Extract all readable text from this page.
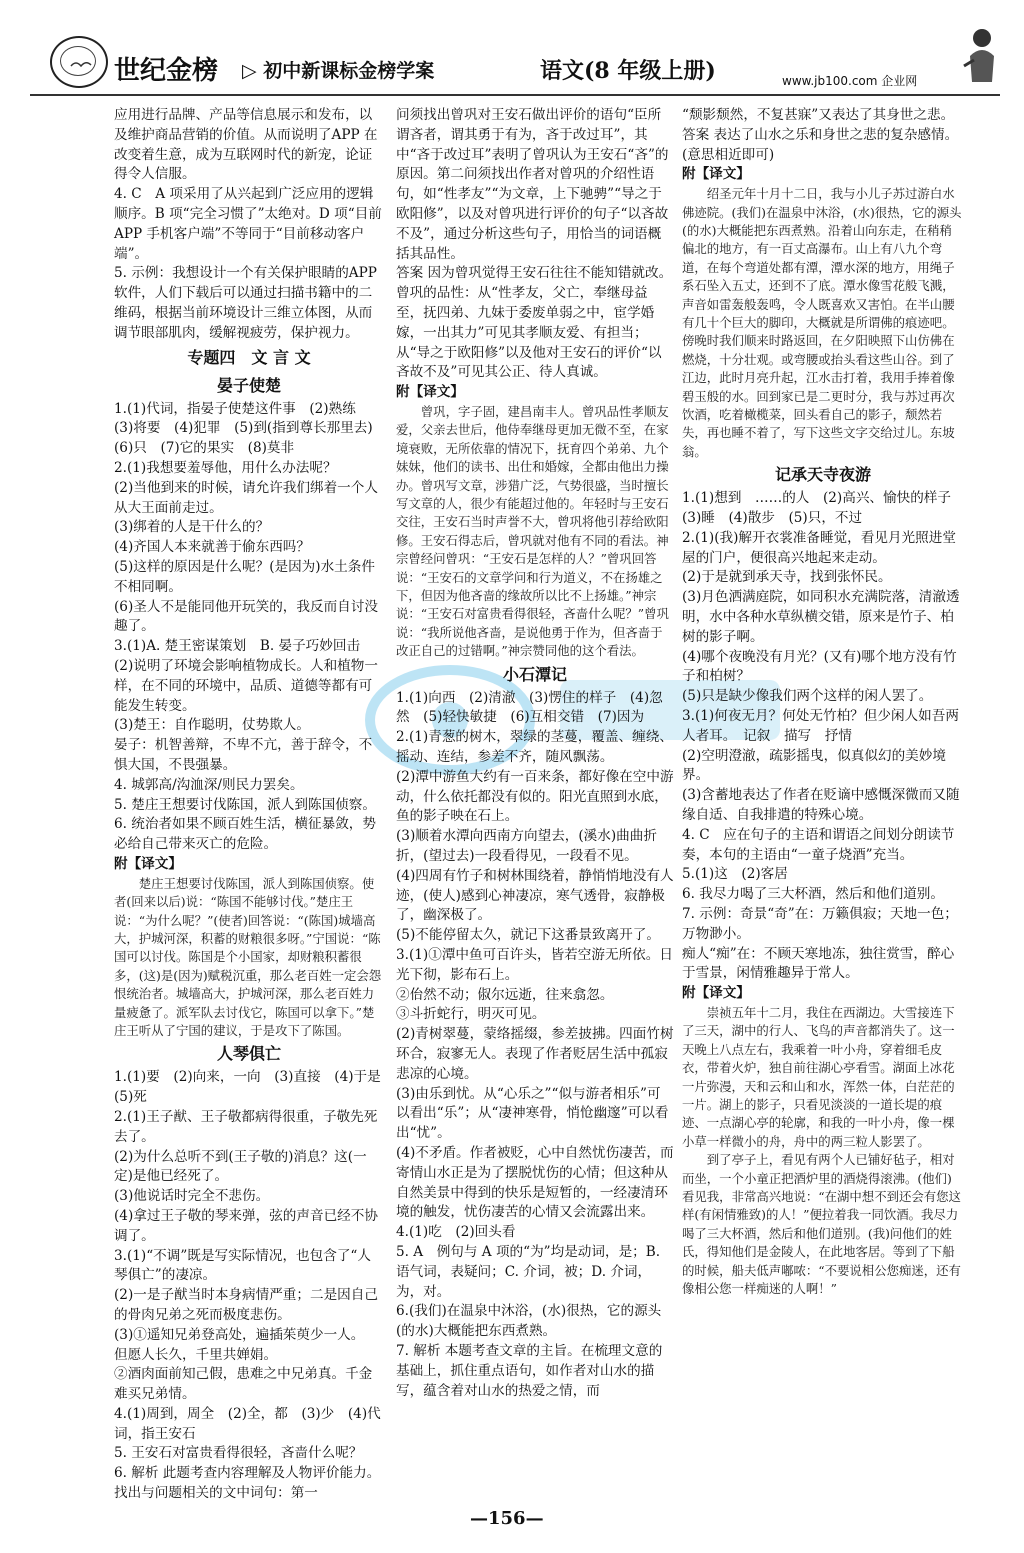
世纪金榜 ▷ 初中新课标金榜学案	语文(8 年级上册)	www.jb100.com 企业网

应用进行品牌、产品等信息展示和发布，以及维护商品营销的价值。从而说明了APP 在改变着生意，成为互联网时代的新宠，论证得令人信服。

4. C　A 项采用了从兴起到广泛应用的逻辑顺序。B 项“完全习惯了”太绝对。D 项“目前 APP 手机客户端”不等同于“目前移动客户端”。

5. 示例：我想设计一个有关保护眼睛的APP 软件，人们下载后可以通过扫描书籍中的二维码，根据当前环境设计三维立体图，从而调节眼部肌肉，缓解视疲劳，保护视力。

专题四　文 言 文

晏子使楚

1.(1)代词，指晏子使楚这件事　(2)熟练　(3)将要　(4)犯罪　(5)到(指到尊长那里去)　(6)只　(7)它的果实　(8)莫非

2.(1)我想要羞辱他，用什么办法呢？

(2)当他到来的时候，请允许我们绑着一个人从大王面前走过。

(3)绑着的人是干什么的？

(4)齐国人本来就善于偷东西吗？

(5)这样的原因是什么呢？(是因为)水土条件不相同啊。

(6)圣人不是能同他开玩笑的，我反而自讨没趣了。

3.(1)A. 楚王密谋策划　B. 晏子巧妙回击

(2)说明了环境会影响植物成长。人和植物一样，在不同的环境中，品质、道德等都有可能发生转变。

(3)楚王：自作聪明，仗势欺人。

晏子：机智善辩，不卑不亢，善于辞令，不惧大国，不畏强暴。

4. 城郭高/沟洫深/则民力罢矣。

5. 楚庄王想要讨伐陈国，派人到陈国侦察。

6. 统治者如果不顾百姓生活，横征暴敛，势必给自己带来灭亡的危险。

附【译文】

楚庄王想要讨伐陈国，派人到陈国侦察。使者(回来以后)说：“陈国不能够讨伐。”楚庄王说：“为什么呢？”(使者)回答说：“(陈国)城墙高大，护城河深，积蓄的财粮很多呀。”宁国说：“陈国可以讨伐。陈国是个小国家，却财粮积蓄很多，(这)是(因为)赋税沉重，那么老百姓一定会怨恨统治者。城墙高大，护城河深，那么老百姓力量疲惫了。派军队去讨伐它，陈国可以拿下。”楚庄王听从了宁国的建议，于是攻下了陈国。

人琴俱亡

1.(1)要　(2)向来，一向　(3)直接　(4)于是　(5)死

2.(1)王子猷、王子敬都病得很重，子敬先死去了。

(2)为什么总听不到(王子敬的)消息？这(一定)是他已经死了。

(3)他说话时完全不悲伤。

(4)拿过王子敬的琴来弹，弦的声音已经不协调了。

3.(1)“不调”既是写实际情况，也包含了“人琴俱亡”的凄凉。

(2)一是子猷当时本身病情严重；二是因自己的骨肉兄弟之死而极度悲伤。

(3)①遥知兄弟登高处，遍插茱萸少一人。　但愿人长久，千里共婵娟。

②酒肉面前知己假，患难之中兄弟真。千金难买兄弟情。

4.(1)周到，周全　(2)全，都　(3)少　(4)代词，指王安石

5. 王安石对富贵看得很轻，吝啬什么呢？

6. 解析 此题考查内容理解及人物评价能力。找出与问题相关的文中词句：第一

问须找出曾巩对王安石做出评价的语句“臣所谓吝者，谓其勇于有为，吝于改过耳”，其中“吝于改过耳”表明了曾巩认为王安石“吝”的原因。第二问须找出作者对曾巩的介绍性语句，如“性孝友”“为文章，上下驰骋”“导之于欧阳修”，以及对曾巩进行评价的句子“以吝故不及”，通过分析这些句子，用恰当的词语概括其品性。

答案 因为曾巩觉得王安石往往不能知错就改。曾巩的品性：从“性孝友，父亡，奉继母益至，抚四弟、九妹于委废单弱之中，宦学婚嫁，一出其力”可见其孝顺友爱、有担当；从“导之于欧阳修”以及他对王安石的评价“以吝故不及”可见其公正、待人真诚。

附【译文】

曾巩，字子固，建昌南丰人。曾巩品性孝顺友爱，父亲去世后，他侍奉继母更加无微不至，在家境衰败，无所依靠的情况下，抚育四个弟弟、九个妹妹，他们的读书、出仕和婚嫁，全都由他出力操办。曾巩写文章，涉猎广泛，气势很盛，当时擅长写文章的人，很少有能超过他的。年轻时与王安石交往，王安石当时声誉不大，曾巩将他引荐给欧阳修。王安石得志后，曾巩就对他有不同的看法。神宗曾经问曾巩：“王安石是怎样的人？”曾巩回答说：“王安石的文章学问和行为道义，不在扬雄之下，但因为他吝啬的缘故所以比不上扬雄。”神宗说：“王安石对富贵看得很轻，吝啬什么呢？”曾巩说：“我所说他吝啬，是说他勇于作为，但吝啬于改正自己的过错啊。”神宗赞同他的这个看法。

小石潭记

1.(1)向西　(2)清澈　(3)愣住的样子　(4)忽然　(5)轻快敏捷　(6)互相交错　(7)因为

2.(1)青葱的树木，翠绿的茎蔓，覆盖、缠绕、摇动、连结，参差不齐，随风飘荡。

(2)潭中游鱼大约有一百来条，都好像在空中游动，什么依托都没有似的。阳光直照到水底，鱼的影子映在石上。

(3)顺着水潭向西南方向望去，(溪水)曲曲折折，(望过去)一段看得见，一段看不见。

(4)四周有竹子和树林围绕着，静悄悄地没有人迹，(使人)感到心神凄凉，寒气透骨，寂静极了，幽深极了。

(5)不能停留太久，就记下这番景致离开了。

3.(1)①潭中鱼可百许头，皆若空游无所依。日光下彻，影布石上。

②佁然不动；俶尔远逝，往来翕忽。

③斗折蛇行，明灭可见。

(2)青树翠蔓，蒙络摇缀，参差披拂。四面竹树环合，寂寥无人。表现了作者贬居生活中孤寂悲凉的心境。

(3)由乐到忧。从“心乐之”“似与游者相乐”可以看出“乐”；从“凄神寒骨，悄怆幽邃”可以看出“忧”。

(4)不矛盾。作者被贬，心中自然忧伤凄苦，而寄情山水正是为了摆脱忧伤的心情；但这种从自然美景中得到的快乐是短暂的，一经凄清环境的触发，忧伤凄苦的心情又会流露出来。

4.(1)吃　(2)回头看

5. A　例句与 A 项的“为”均是动词，是；B. 语气词，表疑问；C. 介词，被；D. 介词，为，对。

6.(我们)在温泉中沐浴，(水)很热，它的源头(的水)大概能把东西煮熟。

7. 解析 本题考查文章的主旨。在梳理文意的基础上，抓住重点语句，如作者对山水的描写，蕴含着对山水的热爱之情，而

“颓影颓然，不复甚寐”又表达了其身世之悲。

答案 表达了山水之乐和身世之悲的复杂感情。(意思相近即可)

附【译文】

绍圣元年十月十二日，我与小儿子苏过游白水佛迹院。(我们)在温泉中沐浴，(水)很热，它的源头(的水)大概能把东西煮熟。沿着山向东走，在稍稍偏北的地方，有一百丈高瀑布。山上有八九个弯道，在每个弯道处都有潭，潭水深的地方，用绳子系石坠入五丈，还到不了底。潭水像雪花般飞溅，声音如雷轰般轰鸣，令人既喜欢又害怕。在半山腰有几十个巨大的脚印，大概就是所谓佛的痕迹吧。傍晚时我们顺来时路返回，在夕阳映照下山仿佛在燃烧，十分壮观。或弯腰或抬头看这些山谷。到了江边，此时月亮升起，江水击打着，我用手捧着像碧玉般的水。回到家已是二更时分，我与苏过再次饮酒，吃着橄榄菜，回头看自己的影子，颓然若失，再也睡不着了，写下这些文字交给过儿。东坡翁。

记承天寺夜游

1.(1)想到　……的人　(2)高兴、愉快的样子　(3)睡　(4)散步　(5)只，不过

2.(1)(我)解开衣裳准备睡觉，看见月光照进堂屋的门户，便很高兴地起来走动。

(2)于是就到承天寺，找到张怀民。

(3)月色洒满庭院，如同积水充满院落，清澈透明，水中各种水草纵横交错，原来是竹子、柏树的影子啊。

(4)哪个夜晚没有月光？(又有)哪个地方没有竹子和柏树？

(5)只是缺少像我们两个这样的闲人罢了。

3.(1)何夜无月？何处无竹柏？但少闲人如吾两人者耳。　记叙　描写　抒情

(2)空明澄澈，疏影摇曳，似真似幻的美妙境界。

(3)含蓄地表达了作者在贬谪中感慨深微而又随缘自适、自我排遣的特殊心境。

4. C　应在句子的主语和谓语之间划分朗读节奏，本句的主语由“一童子烧酒”充当。

5.(1)这　(2)客居

6. 我尽力喝了三大杯酒，然后和他们道别。

7. 示例：奇景“奇”在：万籁俱寂；天地一色；万物渺小。

痴人“痴”在：不顾天寒地冻，独往赏雪，醉心于雪景，闲情雅趣异于常人。

附【译文】

崇祯五年十二月，我住在西湖边。大雪接连下了三天，湖中的行人、飞鸟的声音都消失了。这一天晚上八点左右，我乘着一叶小舟，穿着细毛皮衣，带着火炉，独自前往湖心亭看雪。湖面上冰花一片弥漫，天和云和山和水，浑然一体，白茫茫的一片。湖上的影子，只看见淡淡的一道长堤的痕迹、一点湖心亭的轮廓，和我的一叶小舟，像一棵小草一样微小的舟，舟中的两三粒人影罢了。

到了亭子上，看见有两个人已铺好毡子，相对而坐，一个小童正把酒炉里的酒烧得滚沸。(他们)看见我，非常高兴地说：“在湖中想不到还会有您这样(有闲情雅致)的人！”便拉着我一同饮酒。我尽力喝了三大杯酒，然后和他们道别。(我)问他们的姓氏，得知他们是金陵人，在此地客居。等到了下船的时候，船夫低声嘟哝：“不要说相公您痴迷，还有像相公您一样痴迷的人啊！”

—156—
